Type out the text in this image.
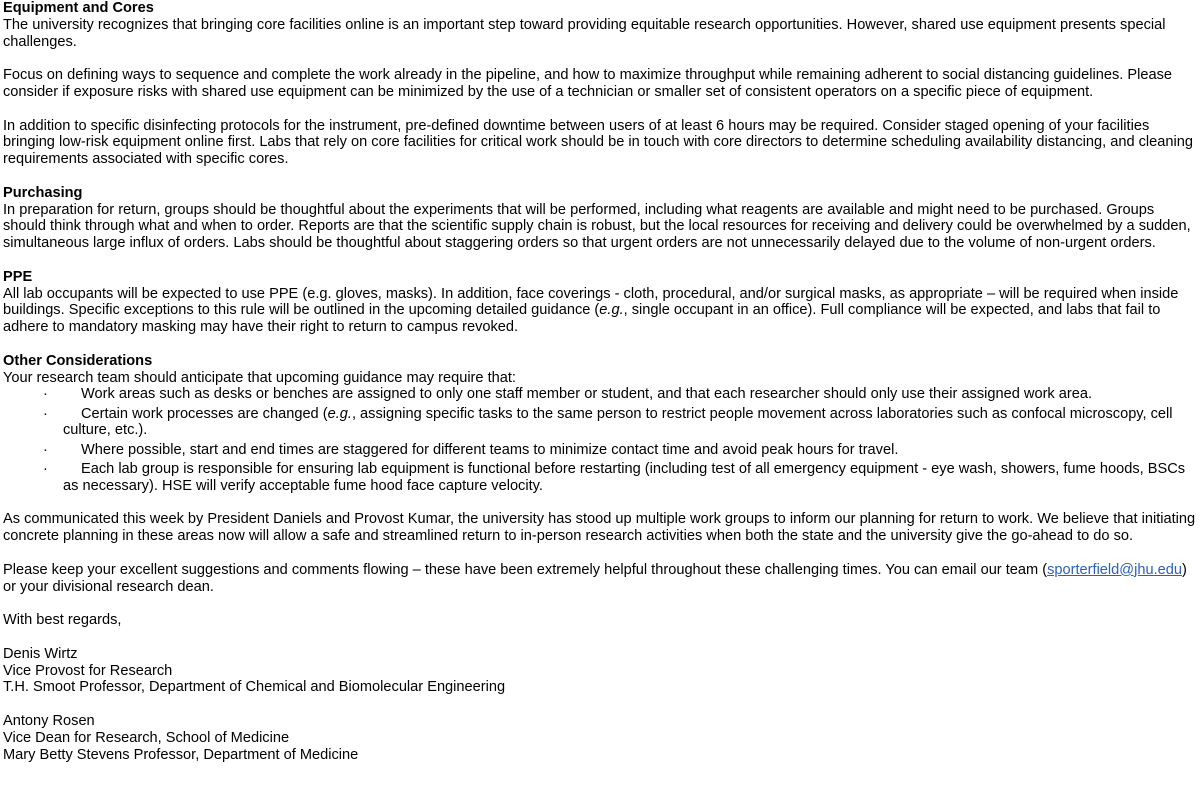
Equipment and Cores

The university recognizes that bringing core facilities online is an important step toward providing equitable research opportunities. However, shared use equipment presents special challenges.

Focus on defining ways to sequence and complete the work already in the pipeline, and how to maximize throughput while remaining adherent to social distancing guidelines. Please consider if exposure risks with shared use equipment can be minimized by the use of a technician or smaller set of consistent operators on a specific piece of equipment.

In addition to specific disinfecting protocols for the instrument, pre-defined downtime between users of at least 6 hours may be required. Consider staged opening of your facilities bringing low-risk equipment online first. Labs that rely on core facilities for critical work should be in touch with core directors to determine scheduling availability distancing, and cleaning requirements associated with specific cores.

Purchasing

In preparation for return, groups should be thoughtful about the experiments that will be performed, including what reagents are available and might need to be purchased. Groups should think through what and when to order. Reports are that the scientific supply chain is robust, but the local resources for receiving and delivery could be overwhelmed by a sudden, simultaneous large influx of orders. Labs should be thoughtful about staggering orders so that urgent orders are not unnecessarily delayed due to the volume of non-urgent orders.

PPE

All lab occupants will be expected to use PPE (e.g. gloves, masks). In addition, face coverings - cloth, procedural, and/or surgical masks, as appropriate – will be required when inside buildings. Specific exceptions to this rule will be outlined in the upcoming detailed guidance (e.g., single occupant in an office). Full compliance will be expected, and labs that fail to adhere to mandatory masking may have their right to return to campus revoked.

Other Considerations

Your research team should anticipate that upcoming guidance may require that:

·	Work areas such as desks or benches are assigned to only one staff member or student, and that each researcher should only use their assigned work area.
·	Certain work processes are changed (e.g., assigning specific tasks to the same person to restrict people movement across laboratories such as confocal microscopy, cell culture, etc.).
·	Where possible, start and end times are staggered for different teams to minimize contact time and avoid peak hours for travel.
·	Each lab group is responsible for ensuring lab equipment is functional before restarting (including test of all emergency equipment - eye wash, showers, fume hoods, BSCs as necessary). HSE will verify acceptable fume hood face capture velocity.

As communicated this week by President Daniels and Provost Kumar, the university has stood up multiple work groups to inform our planning for return to work. We believe that initiating concrete planning in these areas now will allow a safe and streamlined return to in-person research activities when both the state and the university give the go-ahead to do so.

Please keep your excellent suggestions and comments flowing – these have been extremely helpful throughout these challenging times. You can email our team (sporterfield@jhu.edu) or your divisional research dean.

With best regards,

Denis Wirtz

Vice Provost for Research

T.H. Smoot Professor, Department of Chemical and Biomolecular Engineering

Antony Rosen

Vice Dean for Research, School of Medicine

Mary Betty Stevens Professor, Department of Medicine
